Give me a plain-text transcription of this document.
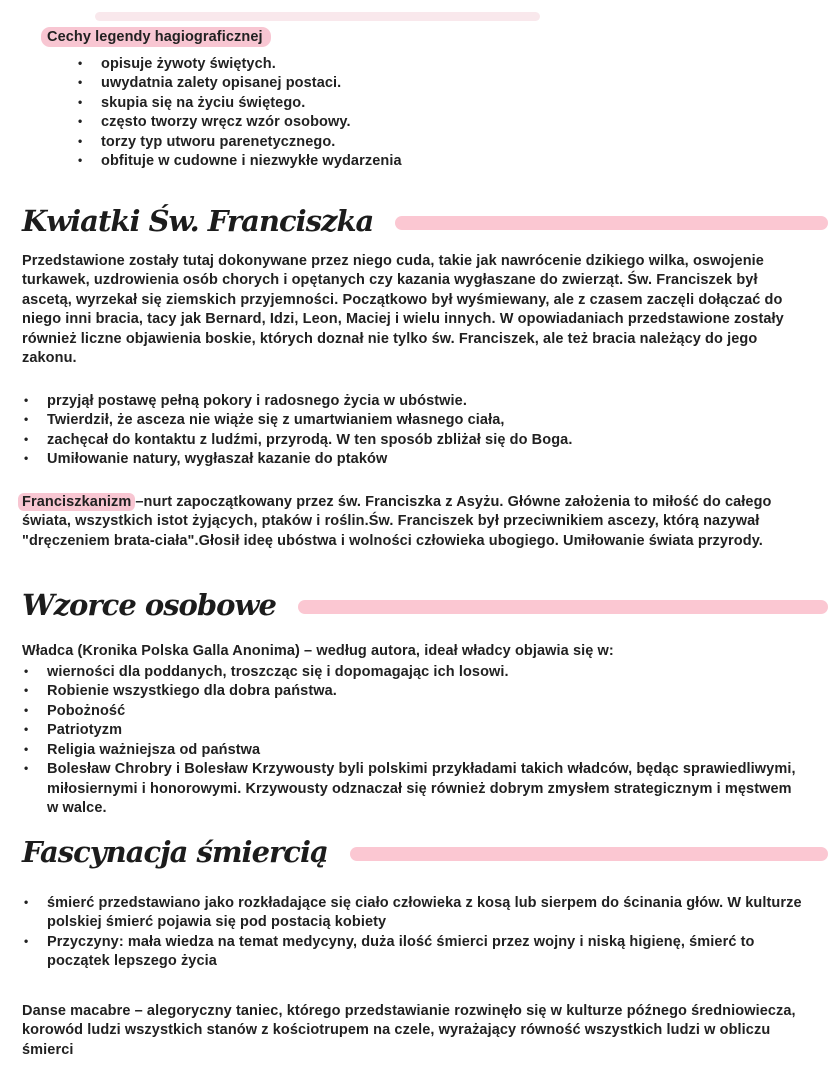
Cechy legendy hagiograficznej
• opisuje żywoty świętych.
• uwydatnia zalety opisanej postaci.
• skupia się na życiu świętego.
• często tworzy wręcz wzór osobowy.
• torzy typ utworu parenetycznego.
• obfituje w cudowne i niezwykłe wydarzenia
Kwiatki Św. Franciszka

Przedstawione zostały tutaj dokonywane przez niego cuda, takie jak nawrócenie dzikiego wilka, oswojenie turkawek, uzdrowienia osób chorych i opętanych czy kazania wygłaszane do zwierząt. Św. Franciszek był ascetą, wyrzekał się ziemskich przyjemności. Początkowo był wyśmiewany, ale z czasem zaczęli dołączać do niego inni bracia, tacy jak Bernard, Idzi, Leon, Maciej i wielu innych. W opowiadaniach przedstawione zostały również liczne objawienia boskie, których doznał nie tylko św. Franciszek, ale też bracia należący do jego zakonu.

• przyjął postawę pełną pokory i radosnego życia w ubóstwie.
• Twierdził, że asceza nie wiąże się z umartwianiem własnego ciała,
• zachęcał do kontaktu z ludźmi, przyrodą. W ten sposób zbliżał się do Boga.
• Umiłowanie natury, wygłaszał kazanie do ptaków

Franciszkanizm –nurt zapoczątkowany przez św. Franciszka z Asyżu. Główne założenia to miłość do całego świata, wszystkich istot żyjących, ptaków i roślin.Św. Franciszek był przeciwnikiem ascezy, którą nazywał "dręczeniem brata-ciała".Głosił ideę ubóstwa i wolności człowieka ubogiego. Umiłowanie świata przyrody.

Wzorce osobowe

Władca (Kronika Polska Galla Anonima) – według autora, ideał władcy objawia się w:

• wierności dla poddanych, troszcząc się i dopomagając ich losowi.
• Robienie wszystkiego dla dobra państwa.
• Pobożność
• Patriotyzm
• Religia ważniejsza od państwa
• Bolesław Chrobry i Bolesław Krzywousty byli polskimi przykładami takich władców, będąc sprawiedliwymi, miłosiernymi i honorowymi. Krzywousty odznaczał się również dobrym zmysłem strategicznym i męstwem w walce.
Fascynacja śmiercią
• śmierć przedstawiano jako rozkładające się ciało człowieka z kosą lub sierpem do ścinania głów. W kulturze polskiej śmierć pojawia się pod postacią kobiety
• Przyczyny: mała wiedza na temat medycyny, duża ilość śmierci przez wojny i niską higienę, śmierć to początek lepszego życia

Danse macabre – alegoryczny taniec, którego przedstawianie rozwinęło się w kulturze późnego średniowiecza, korowód ludzi wszystkich stanów z kościotrupem na czele, wyrażający równość wszystkich ludzi w obliczu śmierci
